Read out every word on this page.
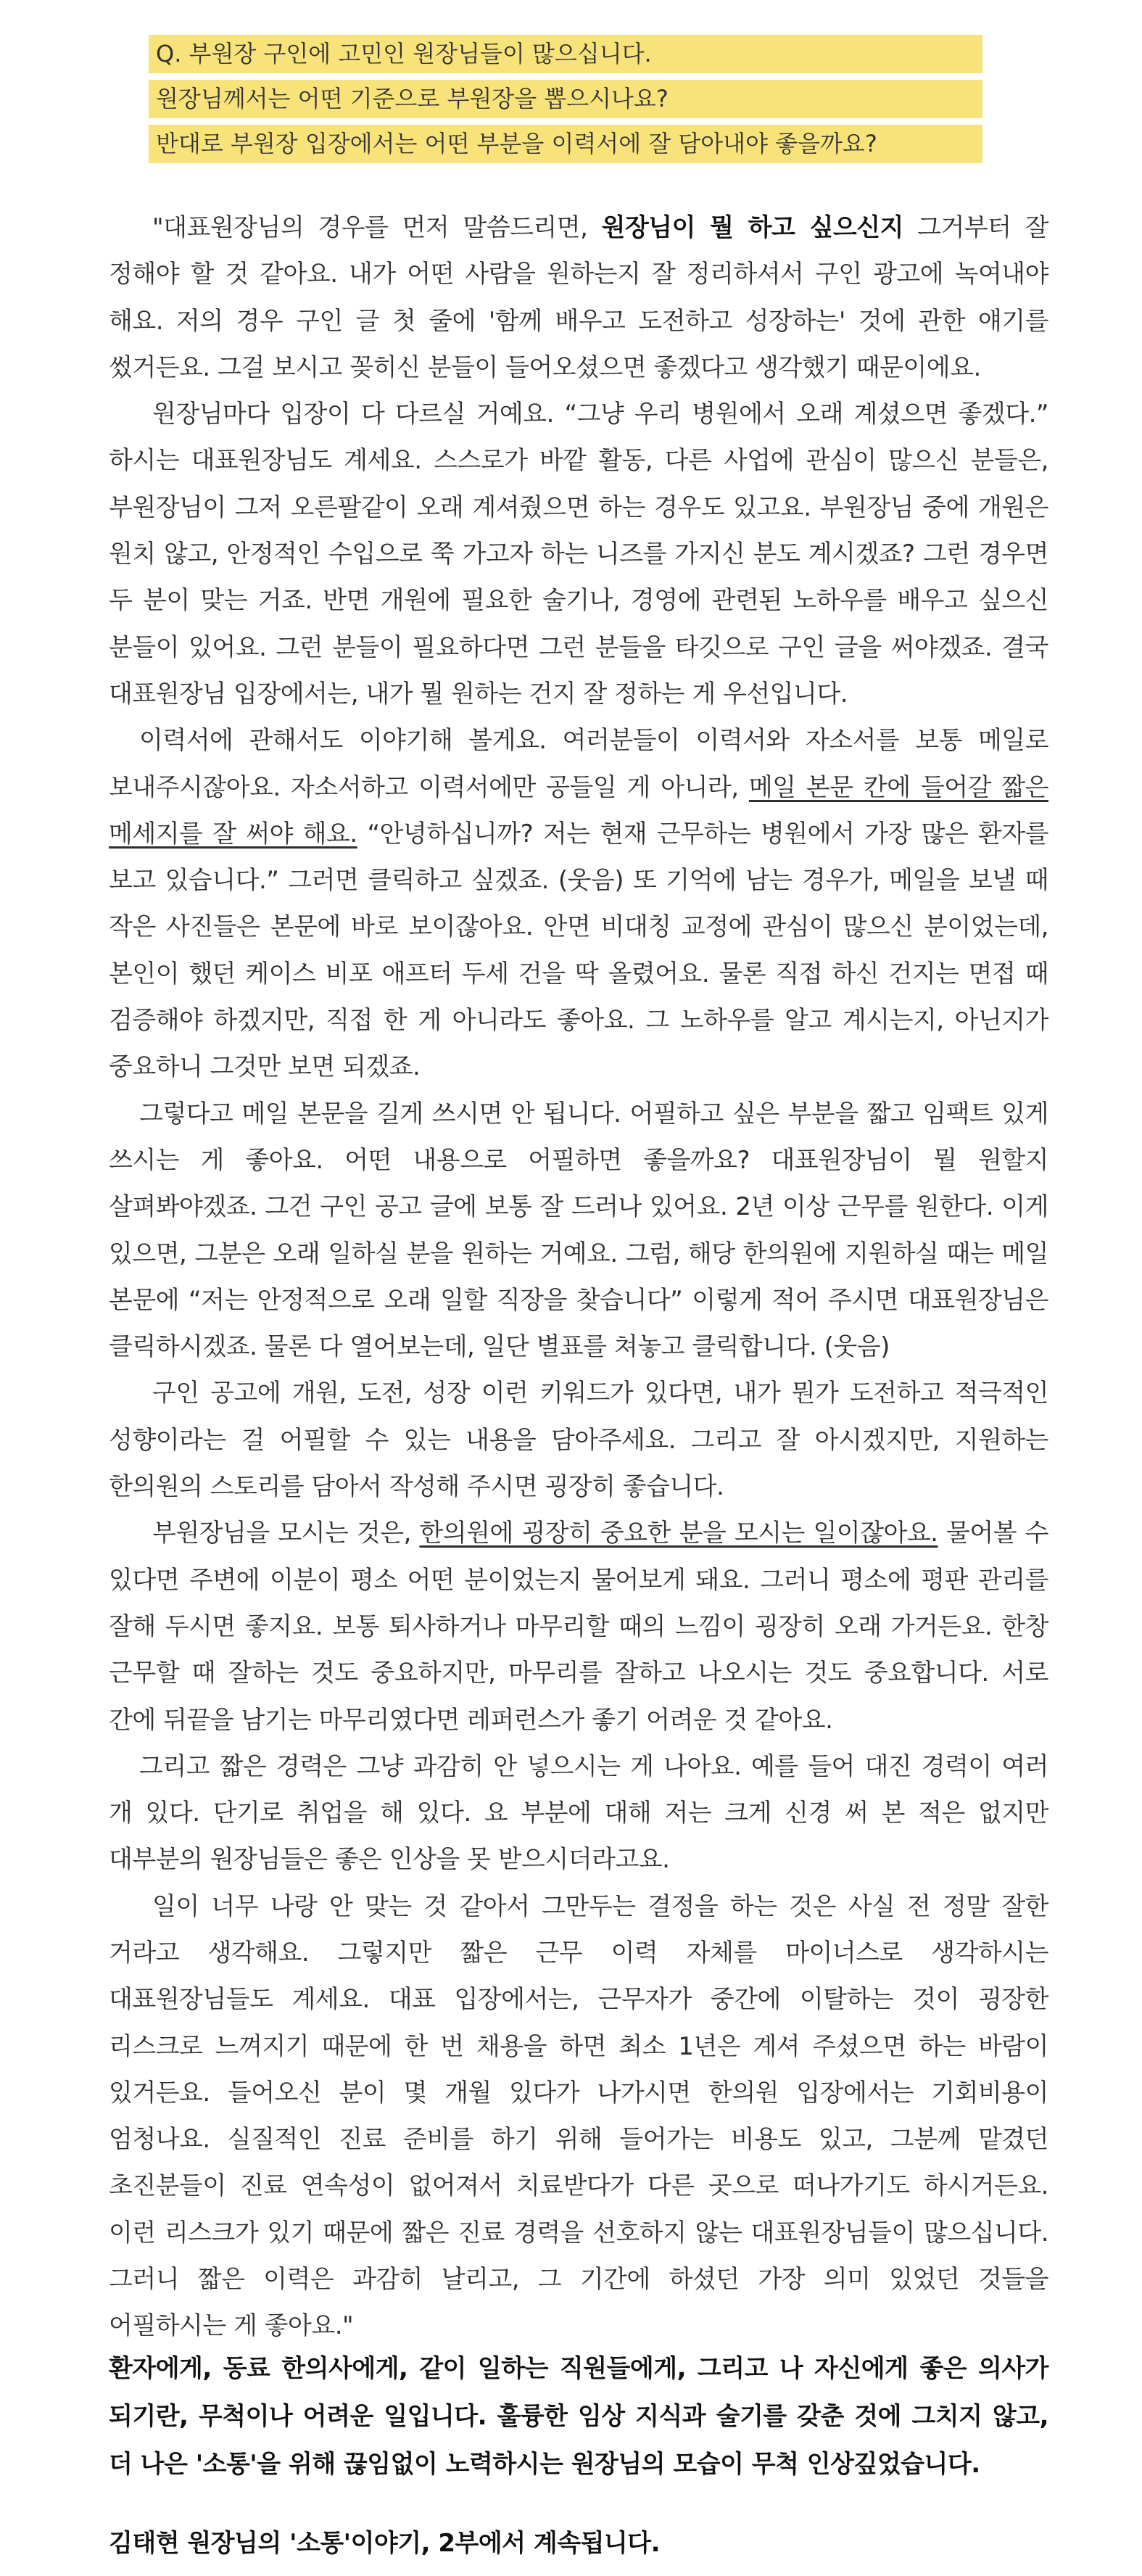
Q. 부원장 구인에 고민인 원장님들이 많으십니다.
원장님께서는 어떤 기준으로 부원장을 뽑으시나요?
반대로 부원장 입장에서는 어떤 부분을 이력서에 잘 담아내야 좋을까요?

"대표원장님의 경우를 먼저 말씀드리면, 원장님이 뭘 하고 싶으신지 그거부터 잘 정해야 할 것 같아요. 내가 어떤 사람을 원하는지 잘 정리하셔서 구인 광고에 녹여내야 해요. 저의 경우 구인 글 첫 줄에 '함께 배우고 도전하고 성장하는' 것에 관한 얘기를 썼거든요. 그걸 보시고 꽂히신 분들이 들어오셨으면 좋겠다고 생각했기 때문이에요.

원장님마다 입장이 다 다르실 거예요. “그냥 우리 병원에서 오래 계셨으면 좋겠다.” 하시는 대표원장님도 계세요. 스스로가 바깥 활동, 다른 사업에 관심이 많으신 분들은, 부원장님이 그저 오른팔같이 오래 계셔줬으면 하는 경우도 있고요. 부원장님 중에 개원은 원치 않고, 안정적인 수입으로 쭉 가고자 하는 니즈를 가지신 분도 계시겠죠? 그런 경우면 두 분이 맞는 거죠. 반면 개원에 필요한 술기나, 경영에 관련된 노하우를 배우고 싶으신 분들이 있어요. 그런 분들이 필요하다면 그런 분들을 타깃으로 구인 글을 써야겠죠. 결국 대표원장님 입장에서는, 내가 뭘 원하는 건지 잘 정하는 게 우선입니다.

이력서에 관해서도 이야기해 볼게요. 여러분들이 이력서와 자소서를 보통 메일로 보내주시잖아요. 자소서하고 이력서에만 공들일 게 아니라, 메일 본문 칸에 들어갈 짧은 메세지를 잘 써야 해요. “안녕하십니까? 저는 현재 근무하는 병원에서 가장 많은 환자를 보고 있습니다.” 그러면 클릭하고 싶겠죠. (웃음) 또 기억에 남는 경우가, 메일을 보낼 때 작은 사진들은 본문에 바로 보이잖아요. 안면 비대칭 교정에 관심이 많으신 분이었는데, 본인이 했던 케이스 비포 애프터 두세 건을 딱 올렸어요. 물론 직접 하신 건지는 면접 때 검증해야 하겠지만, 직접 한 게 아니라도 좋아요. 그 노하우를 알고 계시는지, 아닌지가 중요하니 그것만 보면 되겠죠.

그렇다고 메일 본문을 길게 쓰시면 안 됩니다. 어필하고 싶은 부분을 짧고 임팩트 있게 쓰시는 게 좋아요. 어떤 내용으로 어필하면 좋을까요? 대표원장님이 뭘 원할지 살펴봐야겠죠. 그건 구인 공고 글에 보통 잘 드러나 있어요. 2년 이상 근무를 원한다. 이게 있으면, 그분은 오래 일하실 분을 원하는 거예요. 그럼, 해당 한의원에 지원하실 때는 메일 본문에 “저는 안정적으로 오래 일할 직장을 찾습니다” 이렇게 적어 주시면 대표원장님은 클릭하시겠죠. 물론 다 열어보는데, 일단 별표를 쳐놓고 클릭합니다. (웃음)

구인 공고에 개원, 도전, 성장 이런 키워드가 있다면, 내가 뭔가 도전하고 적극적인 성향이라는 걸 어필할 수 있는 내용을 담아주세요. 그리고 잘 아시겠지만, 지원하는 한의원의 스토리를 담아서 작성해 주시면 굉장히 좋습니다.

부원장님을 모시는 것은, 한의원에 굉장히 중요한 분을 모시는 일이잖아요. 물어볼 수 있다면 주변에 이분이 평소 어떤 분이었는지 물어보게 돼요. 그러니 평소에 평판 관리를 잘해 두시면 좋지요. 보통 퇴사하거나 마무리할 때의 느낌이 굉장히 오래 가거든요. 한창 근무할 때 잘하는 것도 중요하지만, 마무리를 잘하고 나오시는 것도 중요합니다. 서로 간에 뒤끝을 남기는 마무리였다면 레퍼런스가 좋기 어려운 것 같아요.

그리고 짧은 경력은 그냥 과감히 안 넣으시는 게 나아요. 예를 들어 대진 경력이 여러 개 있다. 단기로 취업을 해 있다. 요 부분에 대해 저는 크게 신경 써 본 적은 없지만 대부분의 원장님들은 좋은 인상을 못 받으시더라고요.

일이 너무 나랑 안 맞는 것 같아서 그만두는 결정을 하는 것은 사실 전 정말 잘한 거라고 생각해요. 그렇지만 짧은 근무 이력 자체를 마이너스로 생각하시는 대표원장님들도 계세요. 대표 입장에서는, 근무자가 중간에 이탈하는 것이 굉장한 리스크로 느껴지기 때문에 한 번 채용을 하면 최소 1년은 계셔 주셨으면 하는 바람이 있거든요. 들어오신 분이 몇 개월 있다가 나가시면 한의원 입장에서는 기회비용이 엄청나요. 실질적인 진료 준비를 하기 위해 들어가는 비용도 있고, 그분께 맡겼던 초진분들이 진료 연속성이 없어져서 치료받다가 다른 곳으로 떠나가기도 하시거든요. 이런 리스크가 있기 때문에 짧은 진료 경력을 선호하지 않는 대표원장님들이 많으십니다. 그러니 짧은 이력은 과감히 날리고, 그 기간에 하셨던 가장 의미 있었던 것들을 어필하시는 게 좋아요."

환자에게, 동료 한의사에게, 같이 일하는 직원들에게, 그리고 나 자신에게 좋은 의사가 되기란, 무척이나 어려운 일입니다. 훌륭한 임상 지식과 술기를 갖춘 것에 그치지 않고, 더 나은 '소통'을 위해 끊임없이 노력하시는 원장님의 모습이 무척 인상깊었습니다.

김태현 원장님의 '소통'이야기, 2부에서 계속됩니다.
